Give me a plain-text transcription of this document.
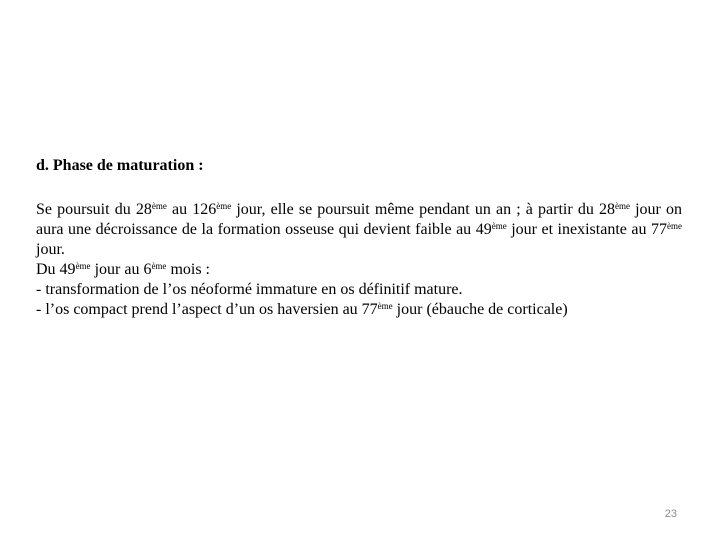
d. Phase de maturation :

Se poursuit du 28ème au 126ème jour, elle se poursuit même pendant un an ; à partir du 28ème jour on aura une décroissance de la formation osseuse qui devient faible au 49ème jour et inexistante au 77ème jour.

Du 49ème jour au 6ème mois :

- transformation de l’os néoformé immature en os définitif mature.

- l’os compact prend l’aspect d’un os haversien au 77ème jour (ébauche de corticale)

23
